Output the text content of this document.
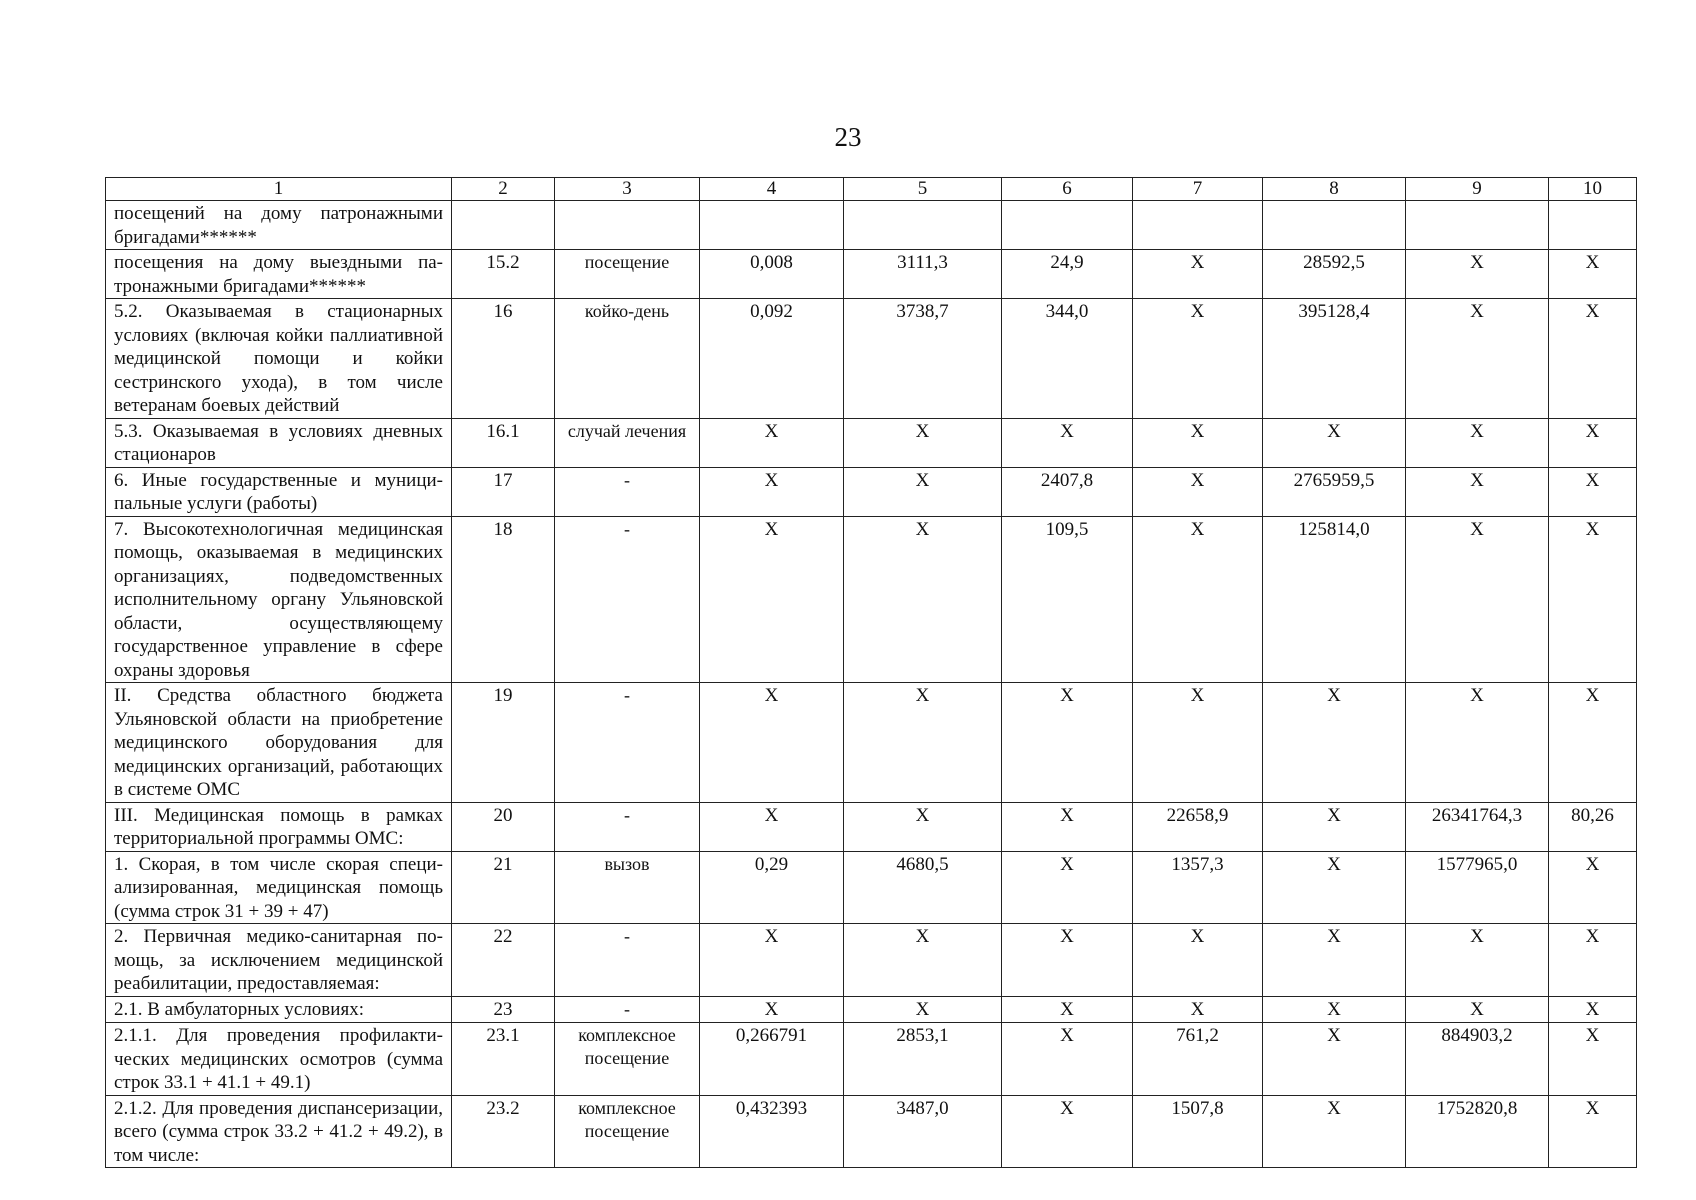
23
1	2	3	4	5	6	7	8	9	10
посещений на дому патронажными бригадами******									
посещения на дому выездными патронажными бригадами******	15.2	посещение	0,008	3111,3	24,9	Х	28592,5	Х	Х
5.2. Оказываемая в стационарных условиях (включая койки паллиативной медицинской помощи и койки сестринского ухода), в том числе ветеранам боевых действий	16	койко-день	0,092	3738,7	344,0	Х	395128,4	Х	Х
5.3. Оказываемая в условиях дневных стационаров	16.1	случай лечения	Х	Х	Х	Х	Х	Х	Х
6. Иные государственные и муниципальные услуги (работы)	17	-	Х	Х	2407,8	Х	2765959,5	Х	Х
7. Высокотехнологичная медицинская помощь, оказываемая в медицинских организациях, подведомственных исполнительному органу Ульяновской области, осуществляющему государственное управление в сфере охраны здоровья	18	-	Х	Х	109,5	Х	125814,0	Х	Х
II. Средства областного бюджета Ульяновской области на приобретение медицинского оборудования для медицинских организаций, работающих в системе ОМС	19	-	Х	Х	Х	Х	Х	Х	Х
III. Медицинская помощь в рамках территориальной программы ОМС:	20	-	Х	Х	Х	22658,9	Х	26341764,3	80,26
1. Скорая, в том числе скорая специализированная, медицинская помощь (сумма строк 31 + 39 + 47)	21	вызов	0,29	4680,5	Х	1357,3	Х	1577965,0	Х
2. Первичная медико-санитарная помощь, за исключением медицинской реабилитации, предоставляемая:	22	-	Х	Х	Х	Х	Х	Х	Х
2.1. В амбулаторных условиях:	23	-	Х	Х	Х	Х	Х	Х	Х
2.1.1. Для проведения профилактических медицинских осмотров (сумма строк 33.1 + 41.1 + 49.1)	23.1	комплексное посещение	0,266791	2853,1	Х	761,2	Х	884903,2	Х
2.1.2. Для проведения диспансеризации, всего (сумма строк 33.2 + 41.2 + 49.2), в том числе:	23.2	комплексное посещение	0,432393	3487,0	Х	1507,8	Х	1752820,8	Х
